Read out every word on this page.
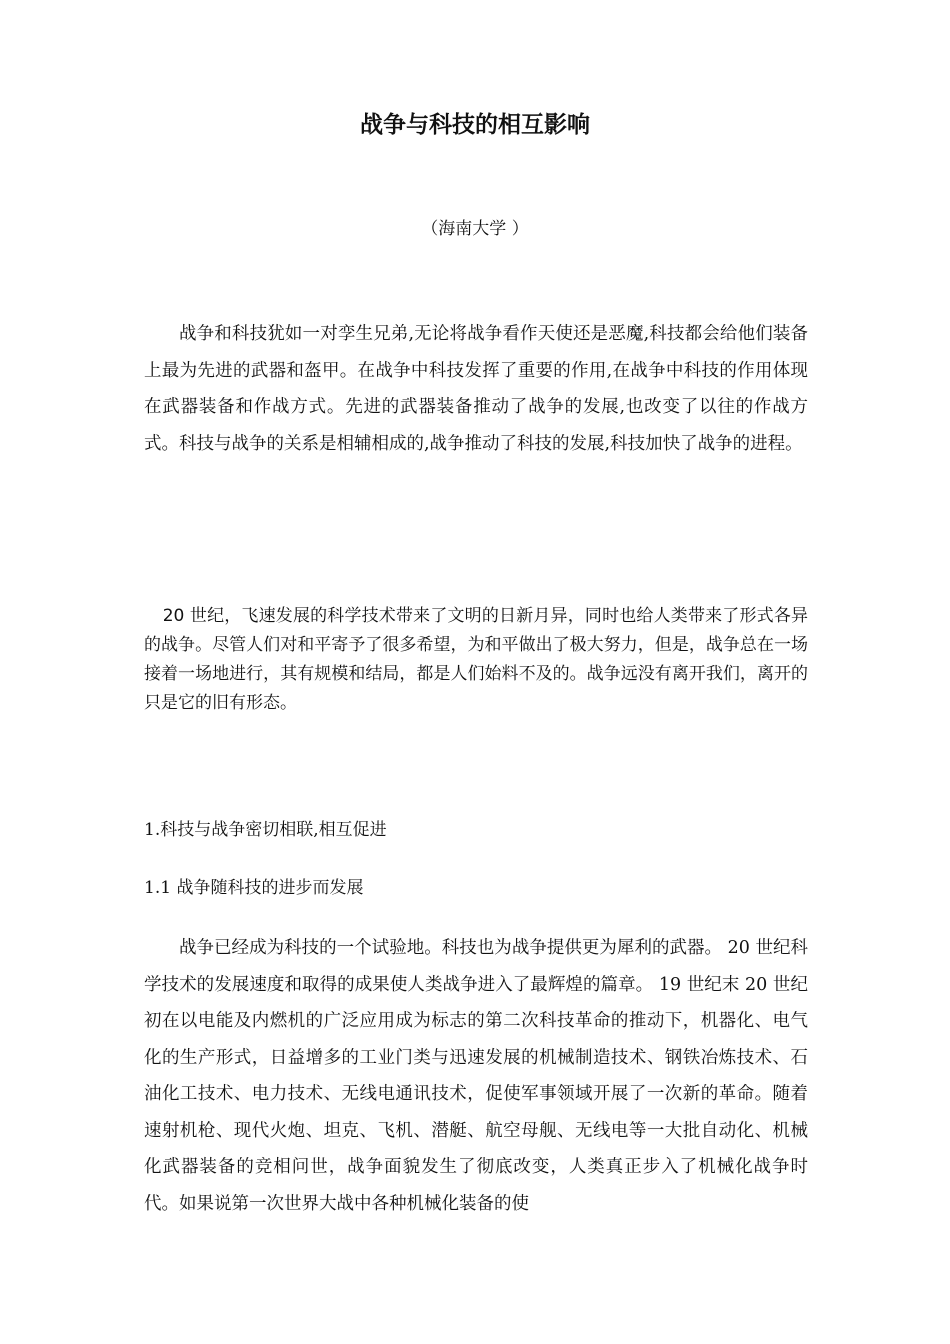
战争与科技的相互影响

（海南大学 ）

战争和科技犹如一对孪生兄弟,无论将战争看作天使还是恶魔,科技都会给他们装备上最为先进的武器和盔甲。在战争中科技发挥了重要的作用,在战争中科技的作用体现在武器装备和作战方式。先进的武器装备推动了战争的发展,也改变了以往的作战方式。科技与战争的关系是相辅相成的,战争推动了科技的发展,科技加快了战争的进程。

20 世纪，飞速发展的科学技术带来了文明的日新月异，同时也给人类带来了形式各异的战争。尽管人们对和平寄予了很多希望，为和平做出了极大努力，但是，战争总在一场接着一场地进行，其有规模和结局，都是人们始料不及的。战争远没有离开我们，离开的只是它的旧有形态。

1.科技与战争密切相联,相互促进

1.1 战争随科技的进步而发展

战争已经成为科技的一个试验地。科技也为战争提供更为犀利的武器。 20 世纪科学技术的发展速度和取得的成果使人类战争进入了最辉煌的篇章。 19 世纪末 20 世纪初在以电能及内燃机的广泛应用成为标志的第二次科技革命的推动下，机器化、电气化的生产形式，日益增多的工业门类与迅速发展的机械制造技术、钢铁冶炼技术、石油化工技术、电力技术、无线电通讯技术，促使军事领域开展了一次新的革命。随着速射机枪、现代火炮、坦克、飞机、潜艇、航空母舰、无线电等一大批自动化、机械化武器装备的竞相问世，战争面貌发生了彻底改变，人类真正步入了机械化战争时代。如果说第一次世界大战中各种机械化装备的使
